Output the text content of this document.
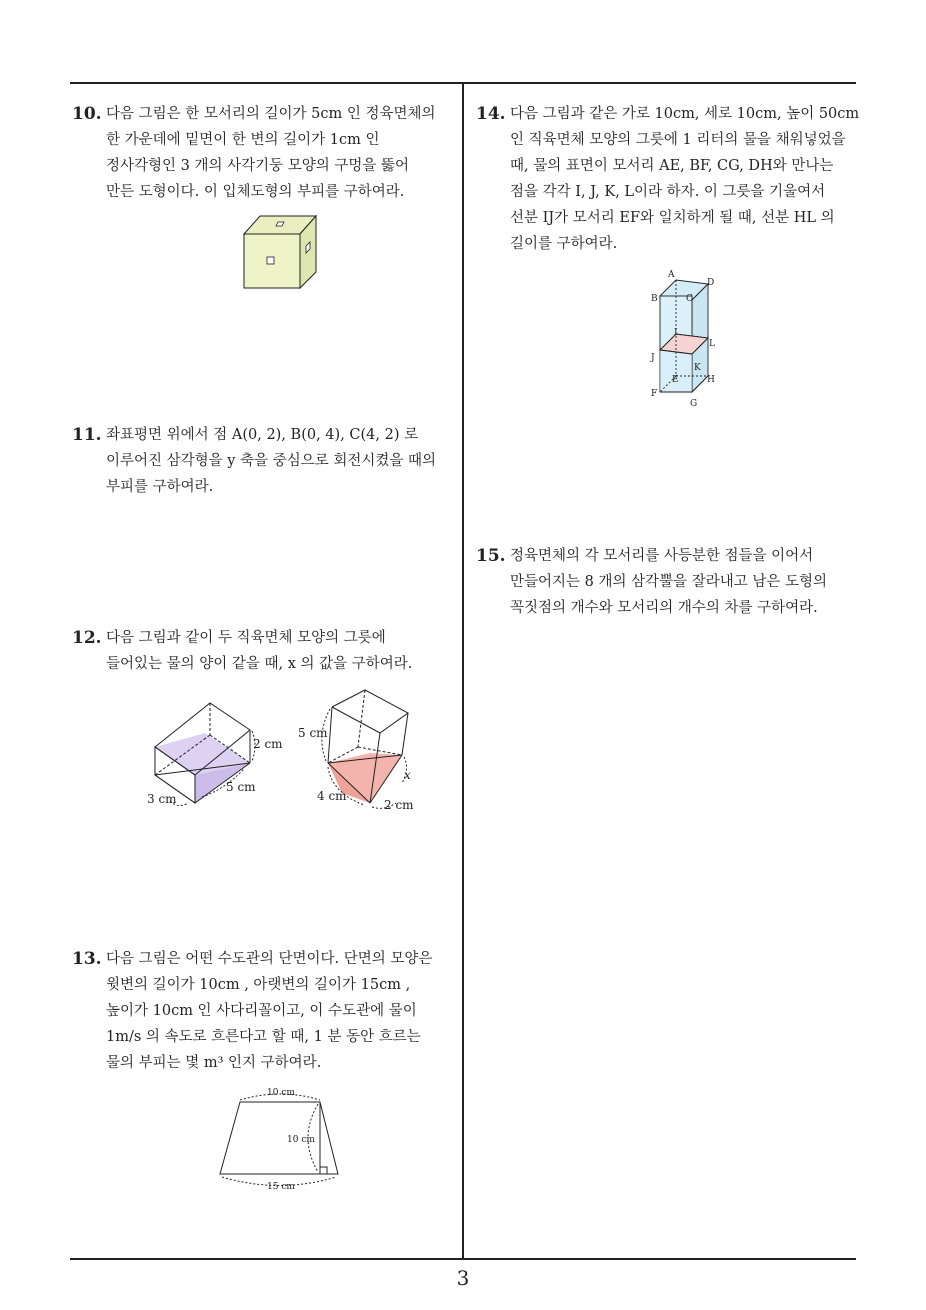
10. 다음 그림은 한 모서리의 길이가 5cm 인 정육면체의
한 가운데에 밑면이 한 변의 길이가 1cm 인
정사각형인 3 개의 사각기둥 모양의 구멍을 뚫어
만든 도형이다. 이 입체도형의 부피를 구하여라.
11. 좌표평면 위에서 점 A(0, 2), B(0, 4), C(4, 2) 로
이루어진 삼각형을 y 축을 중심으로 회전시켰을 때의
부피를 구하여라.
12. 다음 그림과 같이 두 직육면체 모양의 그릇에
들어있는 물의 양이 같을 때, x 의 값을 구하여라.
2 cm
5 cm
3 cm
5 cm
4 cm
2 cm
x
13. 다음 그림은 어떤 수도관의 단면이다. 단면의 모양은
윗변의 길이가 10cm , 아랫변의 길이가 15cm ,
높이가 10cm 인 사다리꼴이고, 이 수도관에 물이
1m/s 의 속도로 흐른다고 할 때, 1 분 동안 흐르는
물의 부피는 몇 m³ 인지 구하여라.
10 cm
10 cm
15 cm
14. 다음 그림과 같은 가로 10cm, 세로 10cm, 높이 50cm
인 직육면체 모양의 그릇에 1 리터의 물을 채워넣었을
때, 물의 표면이 모서리 AE, BF, CG, DH와 만나는
점을 각각 I, J, K, L이라 하자. 이 그릇을 기울여서
선분 IJ가 모서리 EF와 일치하게 될 때, 선분 HL 의
길이를 구하여라.
A
B	C
D
I
J
K
L
E	H
F
G
15. 정육면체의 각 모서리를 사등분한 점들을 이어서
만들어지는 8 개의 삼각뿔을 잘라내고 남은 도형의
꼭짓점의 개수와 모서리의 개수의 차를 구하여라.
3
